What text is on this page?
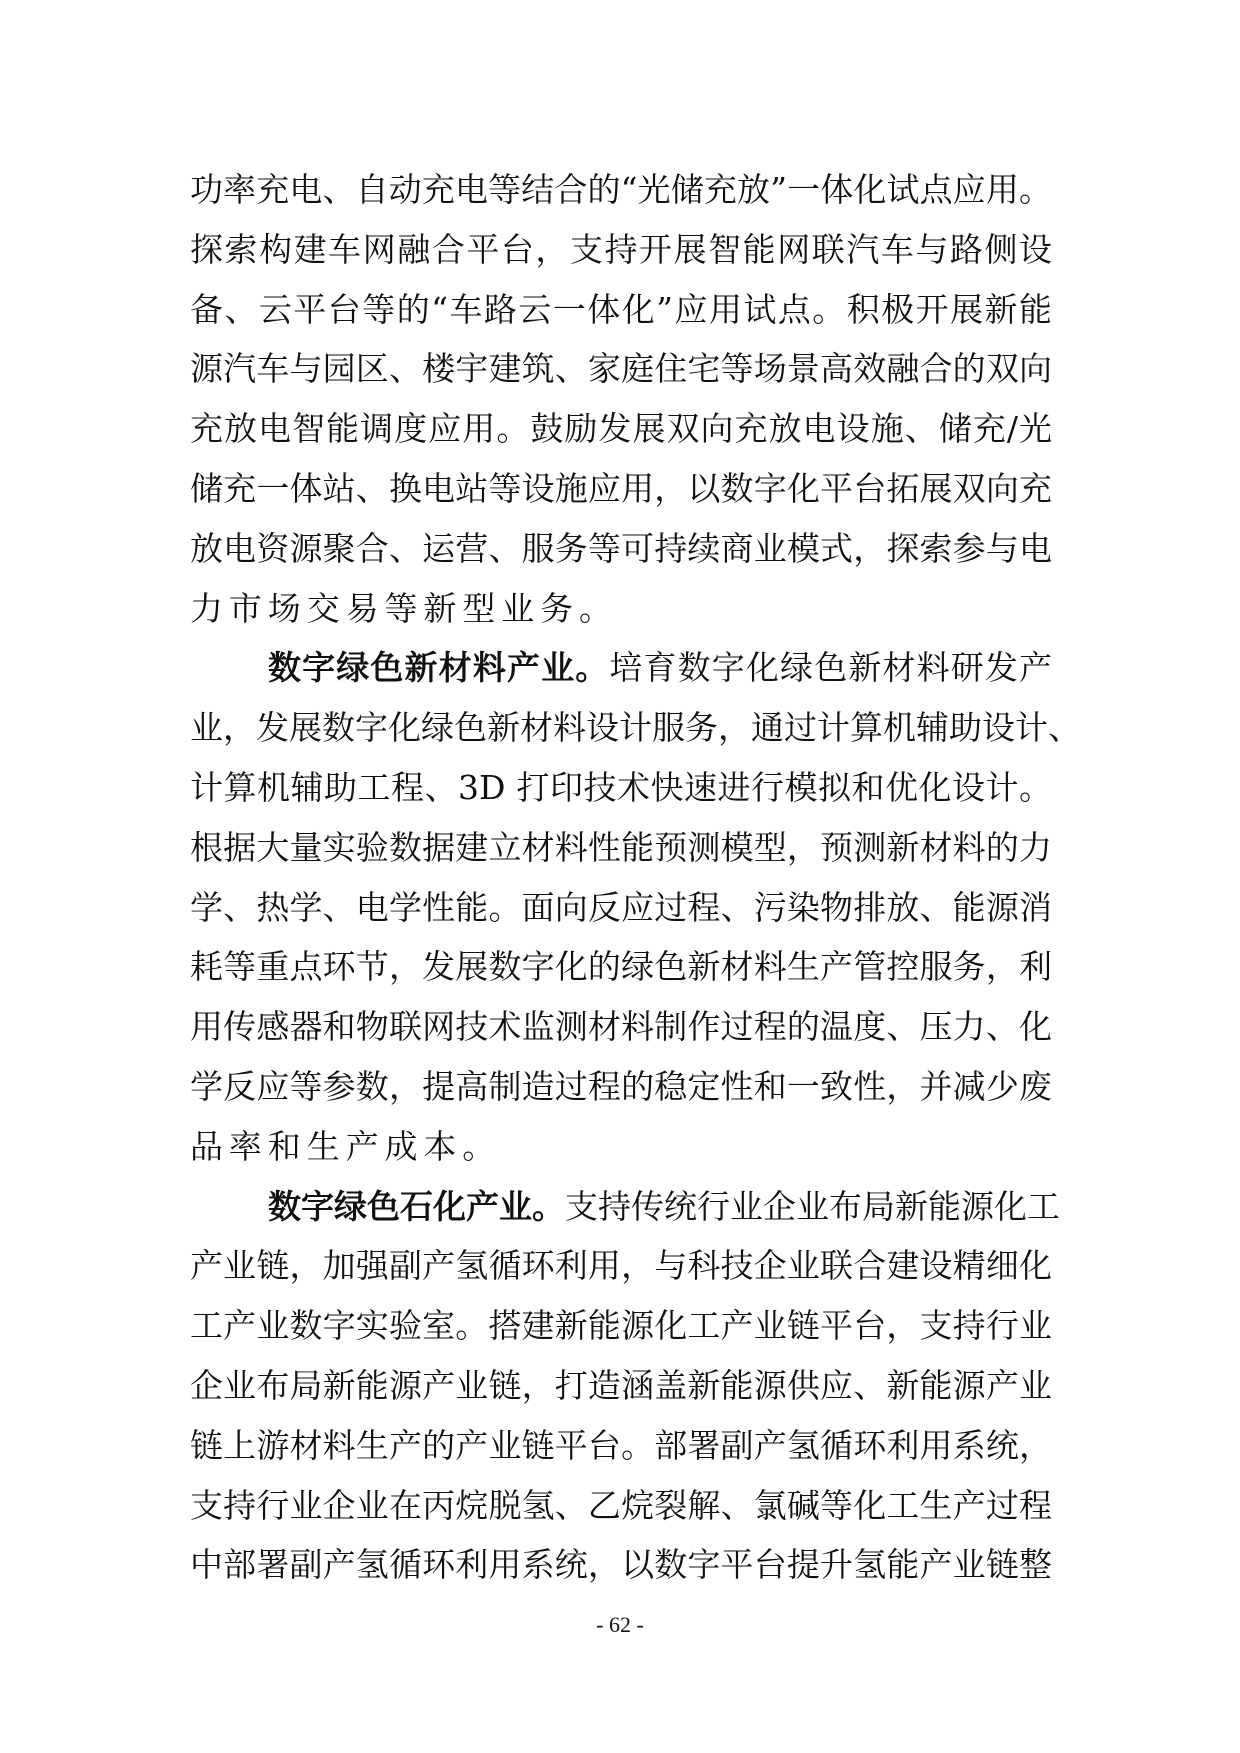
功率充电、自动充电等结合的“光储充放”一体化试点应用。
探索构建车网融合平台，支持开展智能网联汽车与路侧设
备、云平台等的“车路云一体化”应用试点。积极开展新能
源汽车与园区、楼宇建筑、家庭住宅等场景高效融合的双向
充放电智能调度应用。鼓励发展双向充放电设施、储充/光
储充一体站、换电站等设施应用，以数字化平台拓展双向充
放电资源聚合、运营、服务等可持续商业模式，探索参与电
力市场交易等新型业务。
数字绿色新材料产业。培育数字化绿色新材料研发产
业，发展数字化绿色新材料设计服务，通过计算机辅助设计、
计算机辅助工程、3D 打印技术快速进行模拟和优化设计。
根据大量实验数据建立材料性能预测模型，预测新材料的力
学、热学、电学性能。面向反应过程、污染物排放、能源消
耗等重点环节，发展数字化的绿色新材料生产管控服务，利
用传感器和物联网技术监测材料制作过程的温度、压力、化
学反应等参数，提高制造过程的稳定性和一致性，并减少废
品率和生产成本。
数字绿色石化产业。支持传统行业企业布局新能源化工
产业链，加强副产氢循环利用，与科技企业联合建设精细化
工产业数字实验室。搭建新能源化工产业链平台，支持行业
企业布局新能源产业链，打造涵盖新能源供应、新能源产业
链上游材料生产的产业链平台。部署副产氢循环利用系统，
支持行业企业在丙烷脱氢、乙烷裂解、氯碱等化工生产过程
中部署副产氢循环利用系统，以数字平台提升氢能产业链整
- 62 -
